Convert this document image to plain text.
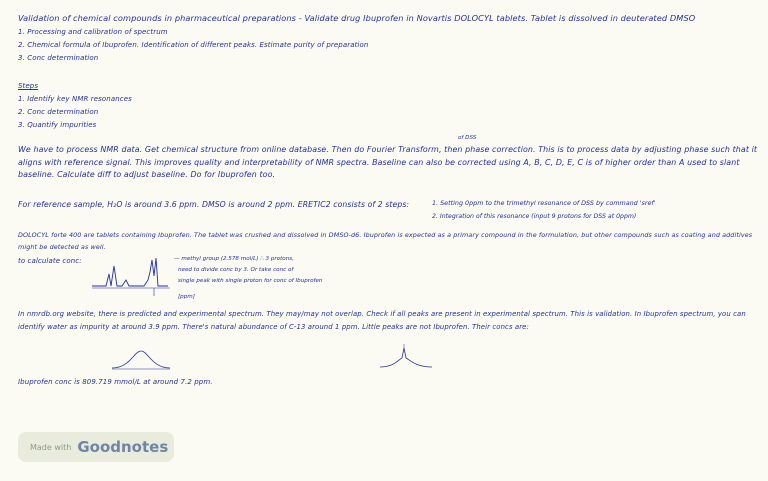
Validation of chemical compounds in pharmaceutical preparations - Validate drug Ibuprofen in Novartis DOLOCYL tablets. Tablet is dissolved in deuterated DMSO
1. Processing and calibration of spectrum
2. Chemical formula of Ibuprofen. Identification of different peaks. Estimate purity of preparation
3. Conc determination
Steps
1. Identify key NMR resonances
2. Conc determination
3. Quantify impurities
of DSS
We have to process NMR data. Get chemical structure from online database. Then do Fourier Transform, then phase correction. This is to process data by adjusting phase such that it aligns with reference signal. This improves quality and interpretability of NMR spectra. Baseline can also be corrected using A, B, C, D, E, C is of higher order than A used to slant baseline. Calculate diff to adjust baseline. Do for Ibuprofen too.
For reference sample, H₂O is around 3.6 ppm. DMSO is around 2 ppm. ERETIC2 consists of 2 steps:	1. Setting 0ppm to the trimethyl resonance of DSS by command 'sref'
2. Integration of this resonance (input 9 protons for DSS at 0ppm)
DOLOCYL forte 400 are tablets containing Ibuprofen. The tablet was crushed and dissolved in DMSO-d6. Ibuprofen is expected as a primary compound in the formulation, but other compounds such as coating and additives might be detected as well.
to calculate conc:	— methyl group (2.578 mol/L) ∴ 3 protons,
need to divide conc by 3. Or take conc of
single peak with single proton for conc of Ibuprofen
[ppm]
In nmrdb.org website, there is predicted and experimental spectrum. They may/may not overlap. Check if all peaks are present in experimental spectrum. This is validation. In Ibuprofen spectrum, you can identify water as impurity at around 3.9 ppm. There's natural abundance of C-13 around 1 ppm. Little peaks are not Ibuprofen. Their concs are:
Ibuprofen conc is 809.719 mmol/L at around 7.2 ppm.
Made with Goodnotes
